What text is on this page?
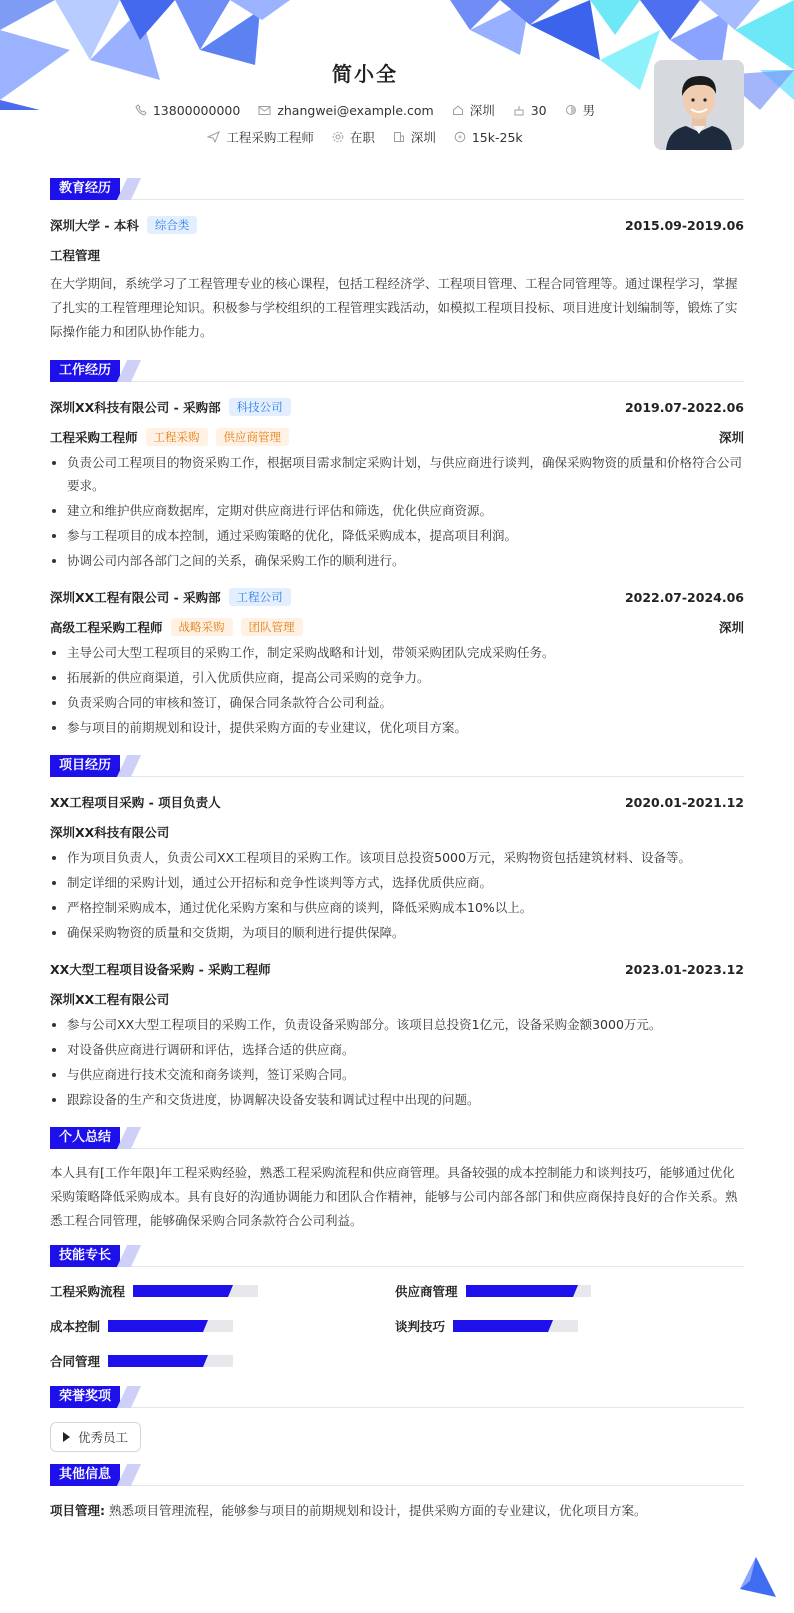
简小全
13800000000	zhangwei@example.com	深圳	30	男
工程采购工程师	在职	深圳	15k-25k
教育经历
深圳大学 - 本科	综合类	2015.09-2019.06
工程管理
在大学期间，系统学习了工程管理专业的核心课程，包括工程经济学、工程项目管理、工程合同管理等。通过课程学习，掌握了扎实的工程管理理论知识。积极参与学校组织的工程管理实践活动，如模拟工程项目投标、项目进度计划编制等，锻炼了实际操作能力和团队协作能力。
工作经历
深圳XX科技有限公司 - 采购部	科技公司	2019.07-2022.06
工程采购工程师	工程采购	供应商管理	深圳
负责公司工程项目的物资采购工作，根据项目需求制定采购计划，与供应商进行谈判，确保采购物资的质量和价格符合公司要求。
建立和维护供应商数据库，定期对供应商进行评估和筛选，优化供应商资源。
参与工程项目的成本控制，通过采购策略的优化，降低采购成本，提高项目利润。
协调公司内部各部门之间的关系，确保采购工作的顺利进行。
深圳XX工程有限公司 - 采购部	工程公司	2022.07-2024.06
高级工程采购工程师	战略采购	团队管理	深圳
主导公司大型工程项目的采购工作，制定采购战略和计划，带领采购团队完成采购任务。
拓展新的供应商渠道，引入优质供应商，提高公司采购的竞争力。
负责采购合同的审核和签订，确保合同条款符合公司利益。
参与项目的前期规划和设计，提供采购方面的专业建议，优化项目方案。
项目经历
XX工程项目采购 - 项目负责人	2020.01-2021.12
深圳XX科技有限公司
作为项目负责人，负责公司XX工程项目的采购工作。该项目总投资5000万元，采购物资包括建筑材料、设备等。
制定详细的采购计划，通过公开招标和竞争性谈判等方式，选择优质供应商。
严格控制采购成本，通过优化采购方案和与供应商的谈判，降低采购成本10%以上。
确保采购物资的质量和交货期，为项目的顺利进行提供保障。
XX大型工程项目设备采购 - 采购工程师	2023.01-2023.12
深圳XX工程有限公司
参与公司XX大型工程项目的采购工作，负责设备采购部分。该项目总投资1亿元，设备采购金额3000万元。
对设备供应商进行调研和评估，选择合适的供应商。
与供应商进行技术交流和商务谈判，签订采购合同。
跟踪设备的生产和交货进度，协调解决设备安装和调试过程中出现的问题。
个人总结
本人具有[工作年限]年工程采购经验，熟悉工程采购流程和供应商管理。具备较强的成本控制能力和谈判技巧，能够通过优化采购策略降低采购成本。具有良好的沟通协调能力和团队合作精神，能够与公司内部各部门和供应商保持良好的合作关系。熟悉工程合同管理，能够确保采购合同条款符合公司利益。
技能专长
工程采购流程	供应商管理
成本控制	谈判技巧
合同管理
荣誉奖项
优秀员工
其他信息
项目管理: 熟悉项目管理流程，能够参与项目的前期规划和设计，提供采购方面的专业建议，优化项目方案。
